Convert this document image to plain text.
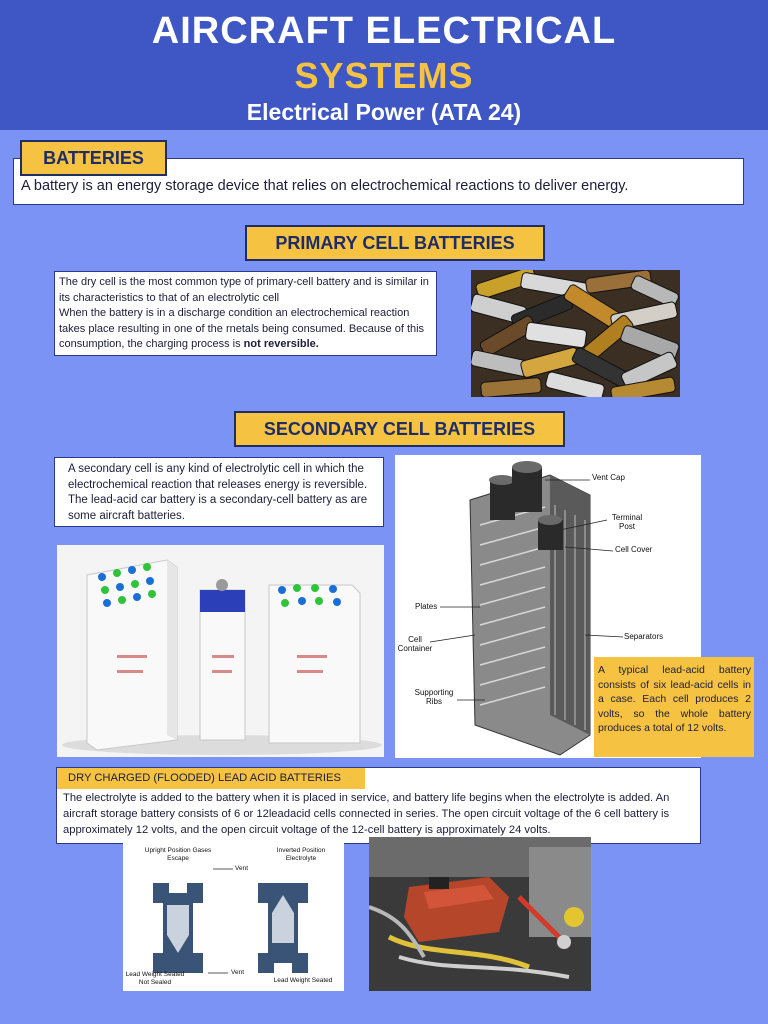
AIRCRAFT ELECTRICAL
SYSTEMS
Electrical Power (ATA 24)
A battery is an energy storage device that relies on electrochemical reactions to deliver energy.
BATTERIES
PRIMARY CELL BATTERIES
The dry cell is the most common type of primary-cell battery and is similar in its characteristics to that of an electrolytic cell
When the battery is in a discharge condition an electrochemical reaction takes place resulting in one of the rnetals being consumed. Because of this consumption, the charging process is not reversible.
SECONDARY CELL BATTERIES
A secondary cell is any kind of electrolytic cell in which the electrochemical reaction that releases energy is reversible. The lead-acid car battery is a secondary-cell battery as are some aircraft batteries.
Vent Cap
Terminal Post
Cell Cover
Plates
Cell Container
Separators
Supporting Ribs
A typical lead-acid battery consists of six lead-acid cells in a case. Each cell produces 2 volts, so the whole battery produces a total of 12 volts.
The electrolyte is added to the battery when it is placed in service, and battery life begins when the electrolyte is added. An aircraft storage battery consists of 6 or 12leadacid cells connected in series. The open circuit voltage of the 6 cell battery is approximately 12 volts, and the open circuit voltage of the 12-cell battery is approximately 24 volts.
DRY CHARGED (FLOODED) LEAD ACID BATTERIES
Upright Position Gases Escape
Inverted Position Electrolyte
Vent
Vent
Lead Weight Seated Not Sealed	Lead Weight Seated
